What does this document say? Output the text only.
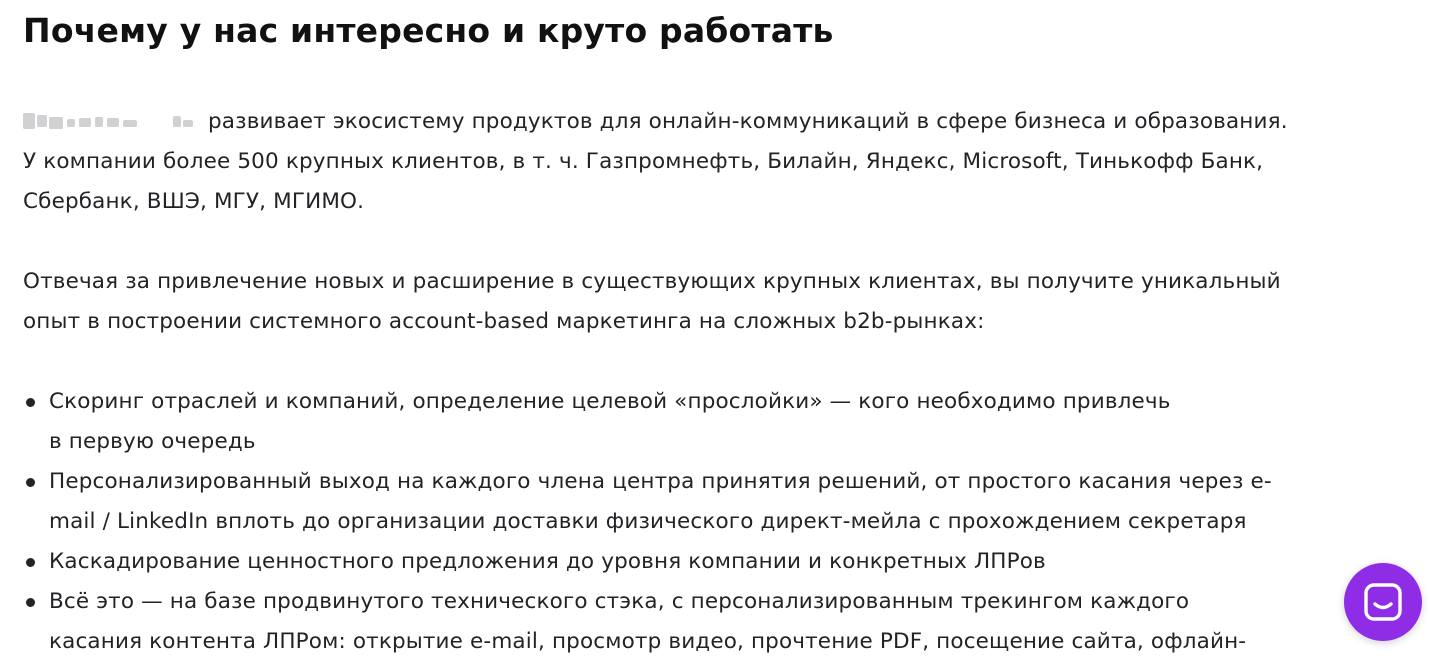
Почему у нас интересно и круто работать
развивает экосистему продуктов для онлайн-коммуникаций в сфере бизнеса и образования.
У компании более 500 крупных клиентов, в т. ч. Газпромнефть, Билайн, Яндекс, Microsoft, Тинькофф Банк,
Сбербанк, ВШЭ, МГУ, МГИМО.
Отвечая за привлечение новых и расширение в существующих крупных клиентах, вы получите уникальный
опыт в построении системного account-based маркетинга на сложных b2b-рынках:
Скоринг отраслей и компаний, определение целевой «прослойки» — кого необходимо привлечь
в первую очередь
Персонализированный выход на каждого члена центра принятия решений, от простого касания через e-
mail / LinkedIn вплоть до организации доставки физического директ-мейла с прохождением секретаря
Каскадирование ценностного предложения до уровня компании и конкретных ЛПРов
Всё это — на базе продвинутого технического стэка, с персонализированным трекингом каждого
касания контента ЛПРом: открытие e-mail, просмотр видео, прочтение PDF, посещение сайта, офлайн-
